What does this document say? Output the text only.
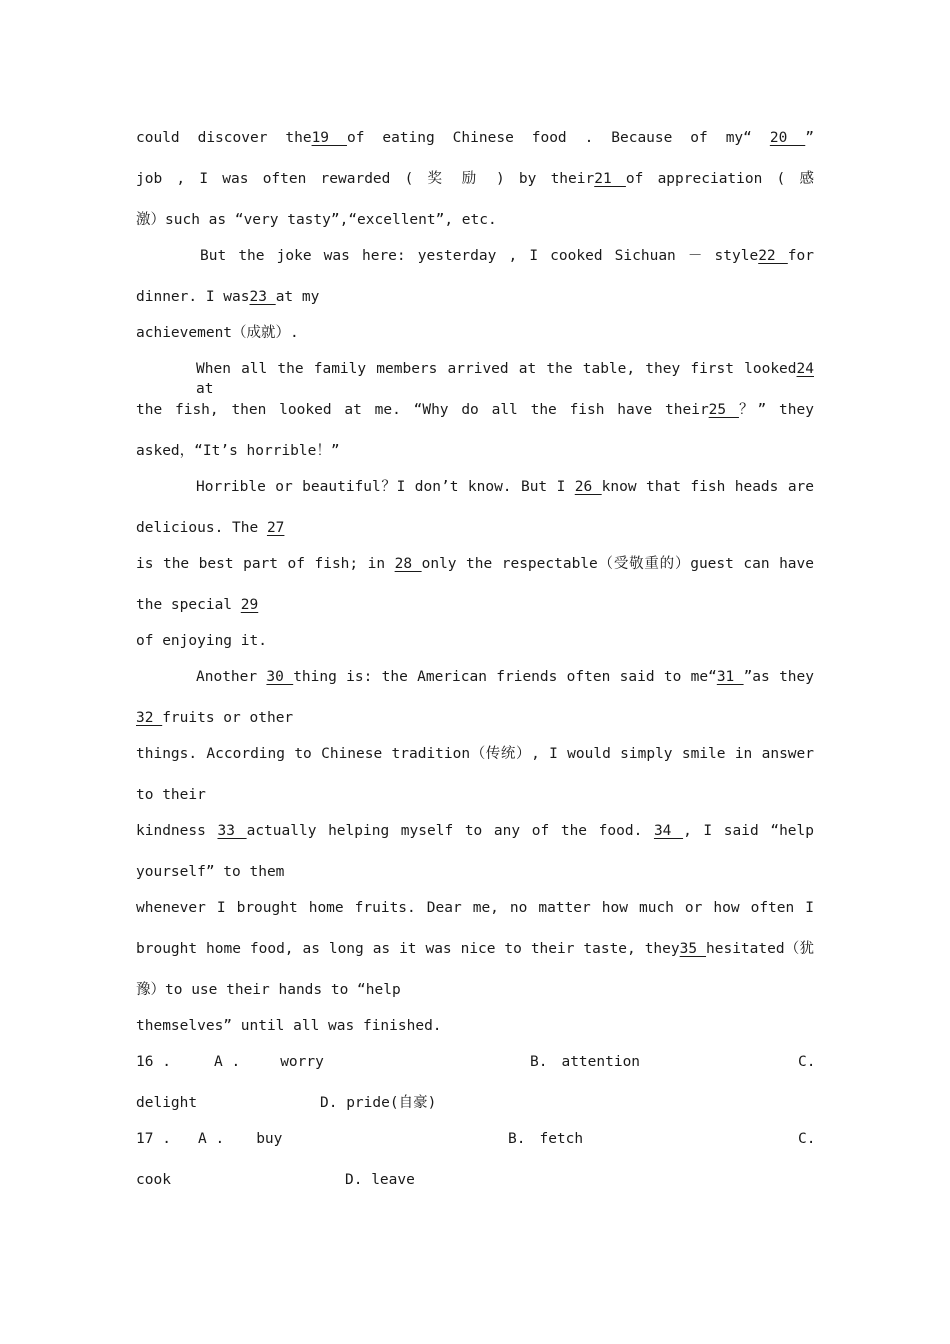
could discover the19 of eating Chinese food . Because of my“ 20 ”
job , I was often rewarded ( 奖 励 ) by their21 of appreciation ( 感
激）such as “very tasty”,“excellent”, etc.
But the joke was here: yesterday , I cooked Sichuan － style22 for
dinner. I was23 at my
achievement（成就）.
When all the family members arrived at the table, they first looked24 at
the fish, then looked at me. “Why do all the fish have their25 ？” they
asked，“It’s horrible！”
Horrible or beautiful？I don’t know. But I 26 know that fish heads are
delicious. The 27
is the best part of fish; in 28 only the respectable（受敬重的）guest can have
the special 29
of enjoying it.
Another 30 thing is: the American friends often said to me“31 ”as they
32 fruits or other
things. According to Chinese tradition（传统）, I would simply smile in answer
to their
kindness 33 actually helping myself to any of the food. 34 , I said “help
yourself” to them
whenever I brought home fruits. Dear me, no matter how much or how often I
brought home food, as long as it was nice to their taste, they35 hesitated（犹
豫）to use their hands to “help
themselves” until all was finished.
16 .	A .	worry	B. attention	C.
delight	D. pride(自豪)
17 . A . buy	B. fetch	C.
cook	D. leave
